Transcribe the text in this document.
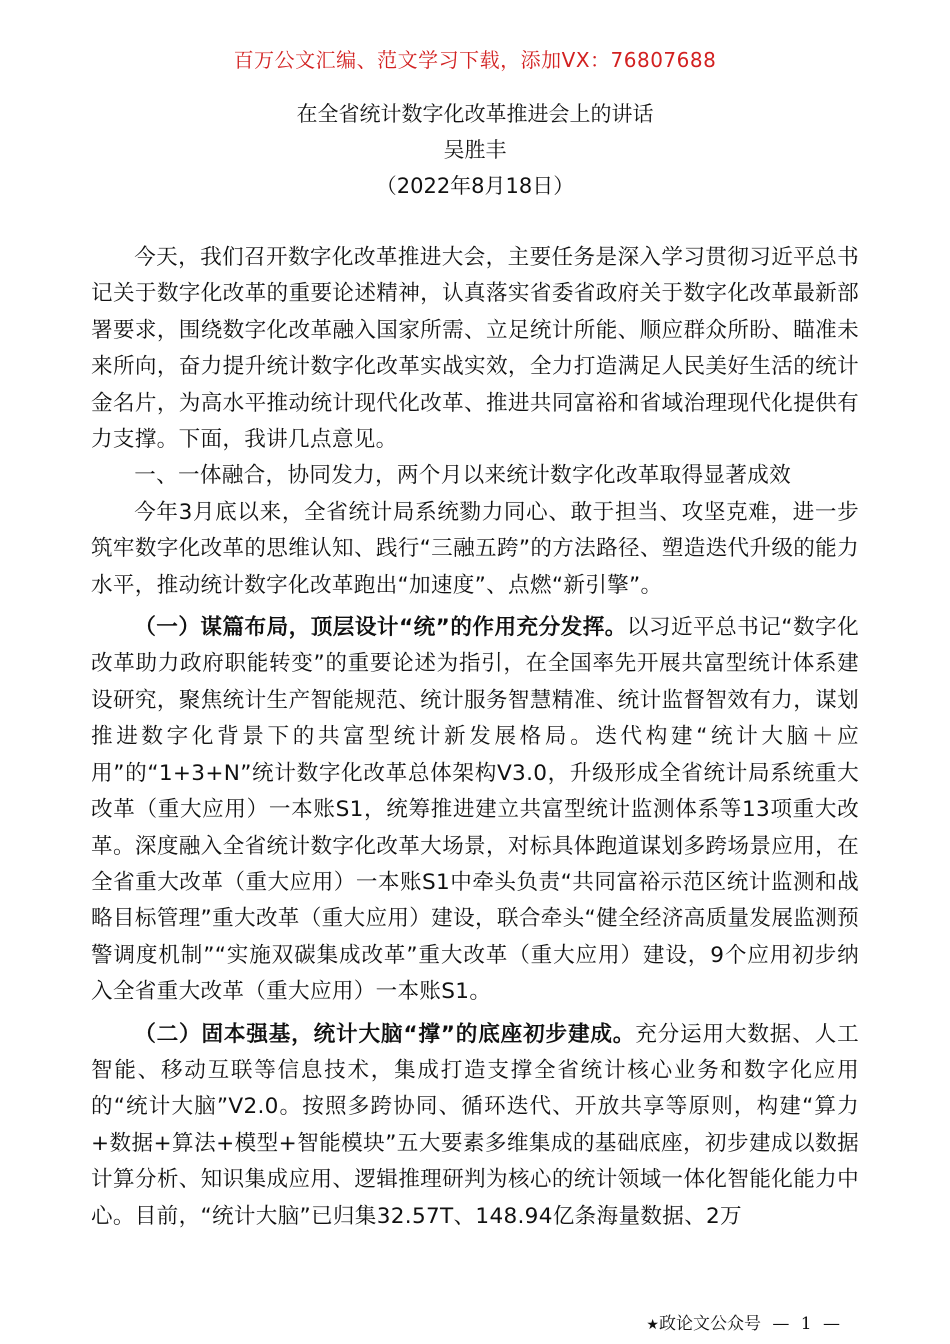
百万公文汇编、范文学习下载，添加VX：76807688
在全省统计数字化改革推进会上的讲话
吴胜丰
（2022年8月18日）

今天，我们召开数字化改革推进大会，主要任务是深入学习贯彻习近平总书记关于数字化改革的重要论述精神，认真落实省委省政府关于数字化改革最新部署要求，围绕数字化改革融入国家所需、立足统计所能、顺应群众所盼、瞄准未来所向，奋力提升统计数字化改革实战实效，全力打造满足人民美好生活的统计金名片，为高水平推动统计现代化改革、推进共同富裕和省域治理现代化提供有力支撑。下面，我讲几点意见。

一、一体融合，协同发力，两个月以来统计数字化改革取得显著成效

今年3月底以来，全省统计局系统勠力同心、敢于担当、攻坚克难，进一步筑牢数字化改革的思维认知、践行“三融五跨”的方法路径、塑造迭代升级的能力水平，推动统计数字化改革跑出“加速度”、点燃“新引擎”。

（一）谋篇布局，顶层设计“统”的作用充分发挥。以习近平总书记“数字化改革助力政府职能转变”的重要论述为指引，在全国率先开展共富型统计体系建设研究，聚焦统计生产智能规范、统计服务智慧精准、统计监督智效有力，谋划推进数字化背景下的共富型统计新发展格局。迭代构建“统计大脑＋应用”的“1+3+N”统计数字化改革总体架构V3.0，升级形成全省统计局系统重大改革（重大应用）一本账S1，统筹推进建立共富型统计监测体系等13项重大改革。深度融入全省统计数字化改革大场景，对标具体跑道谋划多跨场景应用，在全省重大改革（重大应用）一本账S1中牵头负责“共同富裕示范区统计监测和战略目标管理”重大改革（重大应用）建设，联合牵头“健全经济高质量发展监测预警调度机制”“实施双碳集成改革”重大改革（重大应用）建设，9个应用初步纳入全省重大改革（重大应用）一本账S1。

（二）固本强基，统计大脑“撑”的底座初步建成。充分运用大数据、人工智能、移动互联等信息技术，集成打造支撑全省统计核心业务和数字化应用的“统计大脑”V2.0。按照多跨协同、循环迭代、开放共享等原则，构建“算力+数据+算法+模型+智能模块”五大要素多维集成的基础底座，初步建成以数据计算分析、知识集成应用、逻辑推理研判为核心的统计领域一体化智能化能力中心。目前，“统计大脑”已归集32.57T、148.94亿条海量数据、2万

★政论文公众号 — 1 —
